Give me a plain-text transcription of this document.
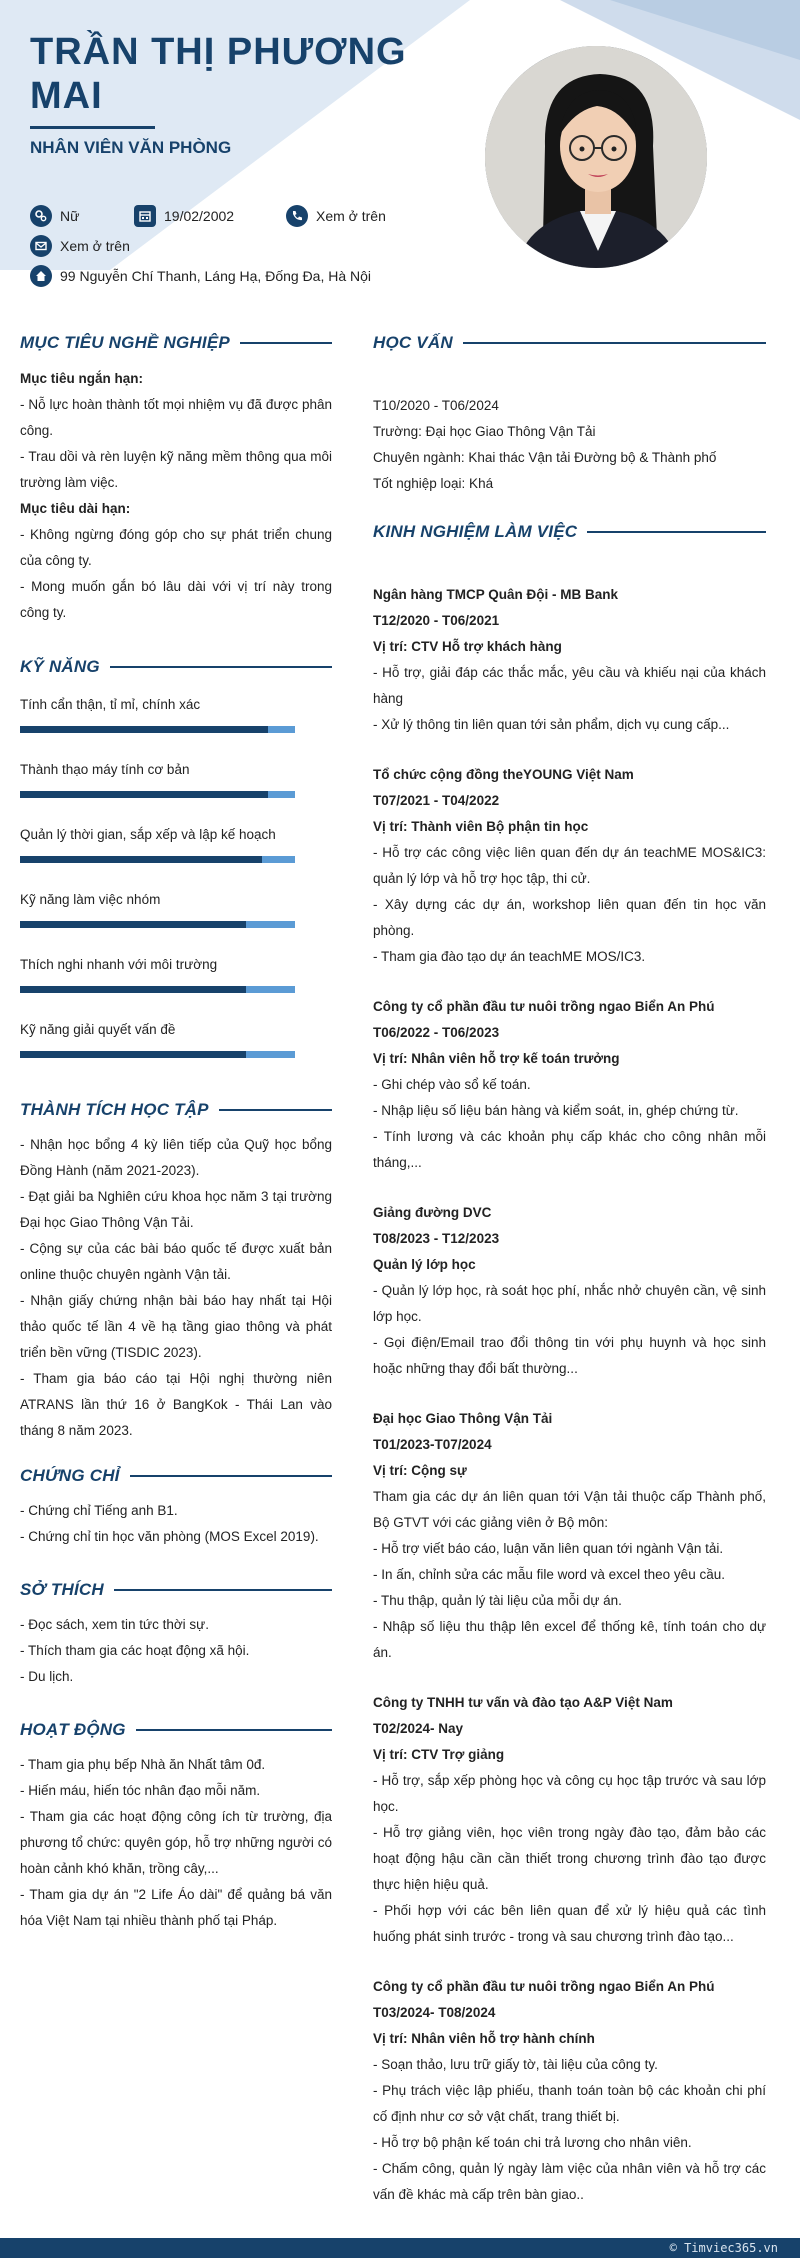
TRẦN THỊ PHƯƠNG MAI
NHÂN VIÊN VĂN PHÒNG
Nữ	19/02/2002	Xem ở trên
Xem ở trên
99 Nguyễn Chí Thanh, Láng Hạ, Đống Đa, Hà Nội
MỤC TIÊU NGHỀ NGHIỆP

Mục tiêu ngắn hạn:

- Nỗ lực hoàn thành tốt mọi nhiệm vụ đã được phân công.

- Trau dồi và rèn luyện kỹ năng mềm thông qua môi trường làm việc.

Mục tiêu dài hạn:

- Không ngừng đóng góp cho sự phát triển chung của công ty.

- Mong muốn gắn bó lâu dài với vị trí này trong công ty.

KỸ NĂNG
Tính cẩn thận, tỉ mỉ, chính xác
Thành thạo máy tính cơ bản
Quản lý thời gian, sắp xếp và lập kế hoạch
Kỹ năng làm việc nhóm
Thích nghi nhanh với môi trường
Kỹ năng giải quyết vấn đề
THÀNH TÍCH HỌC TẬP

- Nhận học bổng 4 kỳ liên tiếp của Quỹ học bổng Đồng Hành (năm 2021-2023).

- Đạt giải ba Nghiên cứu khoa học năm 3 tại trường Đại học Giao Thông Vận Tải.

- Cộng sự của các bài báo quốc tế được xuất bản online thuộc chuyên ngành Vận tải.

- Nhận giấy chứng nhận bài báo hay nhất tại Hội thảo quốc tế lần 4 về hạ tầng giao thông và phát triển bền vững (TISDIC 2023).

- Tham gia báo cáo tại Hội nghị thường niên ATRANS lần thứ 16 ở BangKok - Thái Lan vào tháng 8 năm 2023.

CHỨNG CHỈ

- Chứng chỉ Tiếng anh B1.

- Chứng chỉ tin học văn phòng (MOS Excel 2019).

SỞ THÍCH

- Đọc sách, xem tin tức thời sự.

- Thích tham gia các hoạt động xã hội.

- Du lịch.

HOẠT ĐỘNG

- Tham gia phụ bếp Nhà ăn Nhất tâm 0đ.

- Hiến máu, hiến tóc nhân đạo mỗi năm.

- Tham gia các hoạt động công ích từ trường, địa phương tổ chức: quyên góp, hỗ trợ những người có hoàn cảnh khó khăn, trồng cây,...

- Tham gia dự án "2 Life Áo dài" để quảng bá văn hóa Việt Nam tại nhiều thành phố tại Pháp.

HỌC VẤN

T10/2020 - T06/2024

Trường: Đại học Giao Thông Vận Tải

Chuyên ngành: Khai thác Vận tải Đường bộ & Thành phố

Tốt nghiệp loại: Khá

KINH NGHIỆM LÀM VIỆC

Ngân hàng TMCP Quân Đội - MB Bank

T12/2020 - T06/2021

Vị trí: CTV Hỗ trợ khách hàng

- Hỗ trợ, giải đáp các thắc mắc, yêu cầu và khiếu nại của khách hàng

- Xử lý thông tin liên quan tới sản phẩm, dịch vụ cung cấp...

Tổ chức cộng đồng theYOUNG Việt Nam

T07/2021 - T04/2022

Vị trí: Thành viên Bộ phận tin học

- Hỗ trợ các công việc liên quan đến dự án teachME MOS&IC3: quản lý lớp và hỗ trợ học tập, thi cử.

- Xây dựng các dự án, workshop liên quan đến tin học văn phòng.

- Tham gia đào tạo dự án teachME MOS/IC3.

Công ty cổ phần đầu tư nuôi trồng ngao Biển An Phú

T06/2022 - T06/2023

Vị trí: Nhân viên hỗ trợ kế toán trưởng

- Ghi chép vào sổ kế toán.

- Nhập liệu số liệu bán hàng và kiểm soát, in, ghép chứng từ.

- Tính lương và các khoản phụ cấp khác cho công nhân mỗi tháng,...

Giảng đường DVC

T08/2023 - T12/2023

Quản lý lớp học

- Quản lý lớp học, rà soát học phí, nhắc nhở chuyên cần, vệ sinh lớp học.

- Gọi điện/Email trao đổi thông tin với phụ huynh và học sinh hoặc những thay đổi bất thường...

Đại học Giao Thông Vận Tải

T01/2023-T07/2024

Vị trí: Cộng sự

Tham gia các dự án liên quan tới Vận tải thuộc cấp Thành phố, Bộ GTVT với các giảng viên ở Bộ môn:

- Hỗ trợ viết báo cáo, luận văn liên quan tới ngành Vận tải.

- In ấn, chỉnh sửa các mẫu file word và excel theo yêu cầu.

- Thu thập, quản lý tài liệu của mỗi dự án.

- Nhập số liệu thu thập lên excel để thống kê, tính toán cho dự án.

Công ty TNHH tư vấn và đào tạo A&P Việt Nam

T02/2024- Nay

Vị trí: CTV Trợ giảng

- Hỗ trợ, sắp xếp phòng học và công cụ học tập trước và sau lớp học.

- Hỗ trợ giảng viên, học viên trong ngày đào tạo, đảm bảo các hoạt động hậu cần cần thiết trong chương trình đào tạo được thực hiện hiệu quả.

- Phối hợp với các bên liên quan để xử lý hiệu quả các tình huống phát sinh trước - trong và sau chương trình đào tạo...

Công ty cổ phần đầu tư nuôi trồng ngao Biển An Phú

T03/2024- T08/2024

Vị trí: Nhân viên hỗ trợ hành chính

- Soạn thảo, lưu trữ giấy tờ, tài liệu của công ty.

- Phụ trách việc lập phiếu, thanh toán toàn bộ các khoản chi phí cố định như cơ sở vật chất, trang thiết bị.

- Hỗ trợ bộ phận kế toán chi trả lương cho nhân viên.

- Chấm công, quản lý ngày làm việc của nhân viên và hỗ trợ các vấn đề khác mà cấp trên bàn giao..

© Timviec365.vn
